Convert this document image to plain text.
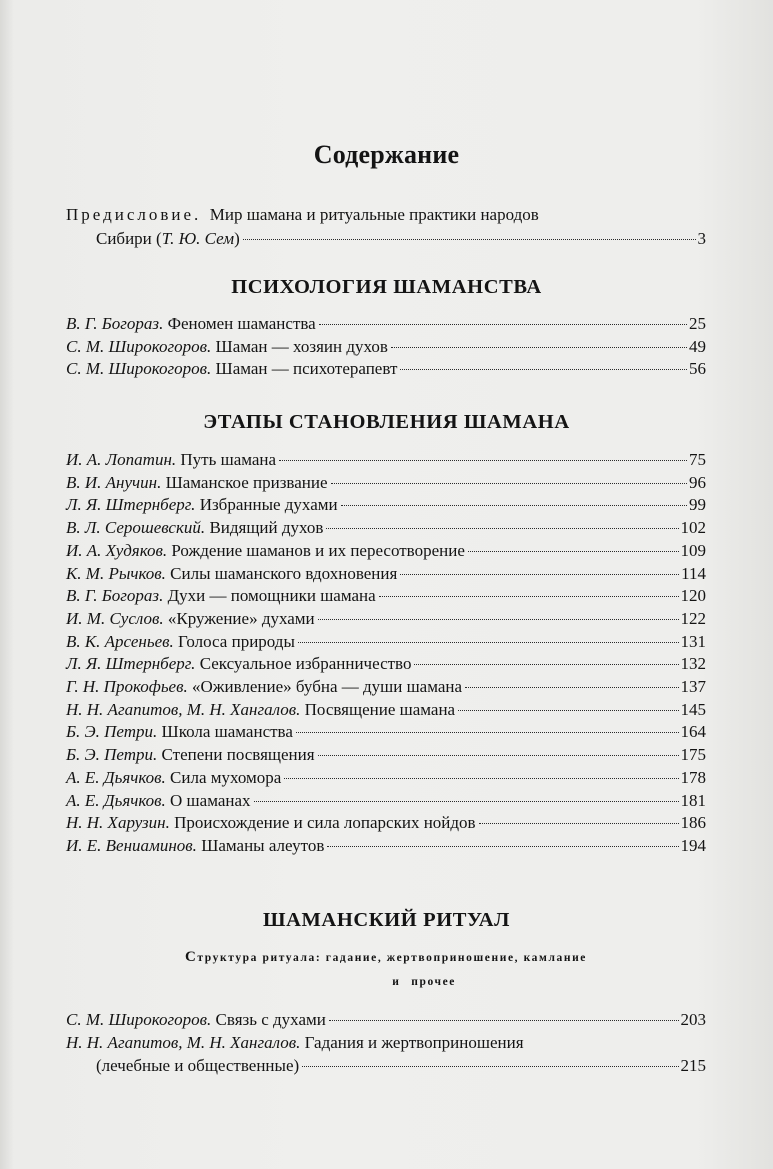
Содержание
Предисловие. Мир шамана и ритуальные практики народов
Сибири (Т. Ю. Сем)	3
ПСИХОЛОГИЯ ШАМАНСТВА
В. Г. Богораз. Феномен шаманства	25
С. М. Широкогоров. Шаман — хозяин духов	49
С. М. Широкогоров. Шаман — психотерапевт	56
ЭТАПЫ СТАНОВЛЕНИЯ ШАМАНА
И. А. Лопатин. Путь шамана	75
В. И. Анучин. Шаманское призвание	96
Л. Я. Штернберг. Избранные духами	99
В. Л. Серошевский. Видящий духов	102
И. А. Худяков. Рождение шаманов и их пересотворение	109
К. М. Рычков. Силы шаманского вдохновения	114
В. Г. Богораз. Духи — помощники шамана	120
И. М. Суслов. «Кружение» духами	122
В. К. Арсеньев. Голоса природы	131
Л. Я. Штернберг. Сексуальное избранничество	132
Г. Н. Прокофьев. «Оживление» бубна — души шамана	137
Н. Н. Агапитов, М. Н. Хангалов. Посвящение шамана	145
Б. Э. Петри. Школа шаманства	164
Б. Э. Петри. Степени посвящения	175
А. Е. Дьячков. Сила мухомора	178
А. Е. Дьячков. О шаманах	181
Н. Н. Харузин. Происхождение и сила лопарских нойдов	186
И. Е. Вениаминов. Шаманы алеутов	194
ШАМАНСКИЙ РИТУАЛ
Структура ритуала: гадание, жертвоприношение, камлание
и прочее
С. М. Широкогоров. Связь с духами	203
Н. Н. Агапитов, М. Н. Хангалов. Гадания и жертвоприношения
(лечебные и общественные)	215
